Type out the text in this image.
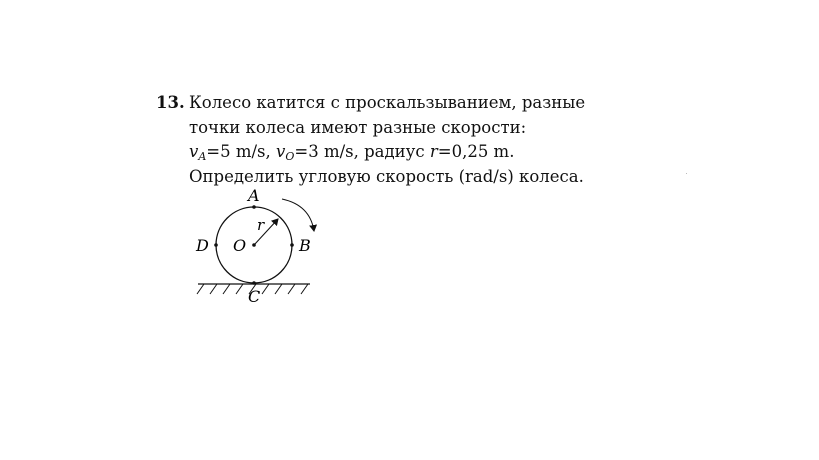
13. Колесо катится с проскальзыванием, разные
точки колеса имеют разные скорости:
$v_A=5$ m/s, $v_O=3$ m/s, радиус r=0,25 m.
Определить угловую скорость (rad/s) колеса.
A
B
C
D O
r
